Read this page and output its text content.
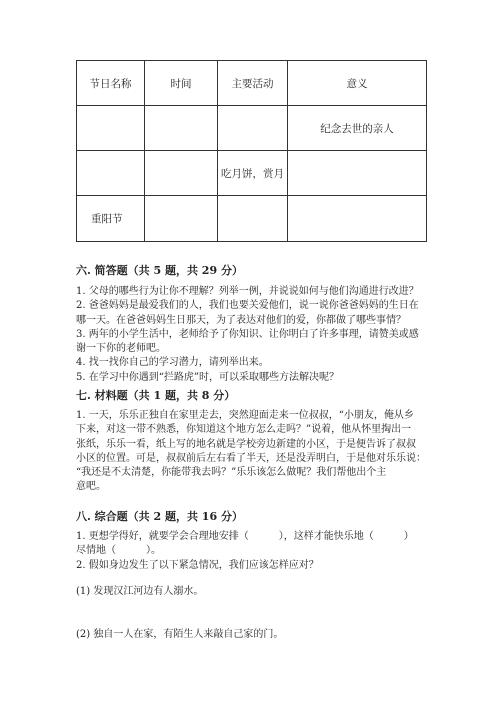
节日名称	时间	主要活动	意义
			纪念去世的亲人
		吃月饼，赏月	
重阳节			
六. 简答题（共 5 题，共 29 分）
1. 父母的哪些行为让你不理解？列举一例，并说说如何与他们沟通进行改进？
2. 爸爸妈妈是最爱我们的人，我们也要关爱他们，说一说你爸爸妈妈的生日在
哪一天。在爸爸妈妈生日那天，为了表达对他们的爱，你都做了哪些事情？
3. 两年的小学生活中，老师给予了你知识、让你明白了许多事理，请赞美或感
谢一下你的老师吧。
4. 找一找你自己的学习潜力，请列举出来。
5. 在学习中你遇到“拦路虎”时，可以采取哪些方法解决呢？
七. 材料题（共 1 题，共 8 分）
1. 一天，乐乐正独自在家里走去，突然迎面走来一位叔叔，“小朋友，俺从乡
下来，对这一带不熟悉，你知道这个地方怎么走吗？”说着，他从怀里掏出一
张纸，乐乐一看，纸上写的地名就是学校旁边新建的小区，于是便告诉了叔叔
小区的位置。可是，叔叔前后左右看了半天，还是没弄明白，于是他对乐乐说：
“我还是不太清楚，你能带我去吗？”乐乐该怎么做呢？我们帮他出个主
意吧。
八. 综合题（共 2 题，共 16 分）
1. 更想学得好，就要学会合理地安排（　　　），这样才能快乐地（　　　）
尽情地（　　　）。
2. 假如身边发生了以下紧急情况，我们应该怎样应对？
(1) 发现汉江河边有人溺水。
(2) 独自一人在家，有陌生人来敲自己家的门。
